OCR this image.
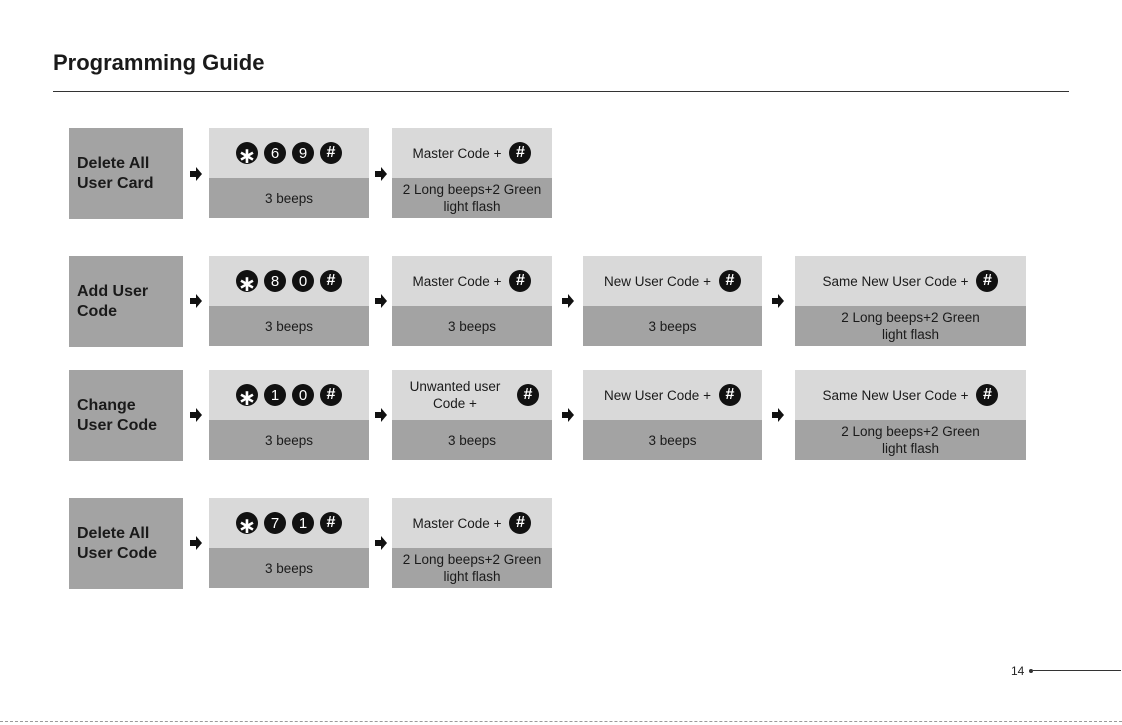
Programming Guide
Delete All
User Card
∗ 6	9	#
3 beeps
Master Code + #
2 Long beeps+2 Green light flash
Add User
Code
∗ 8	0	#
3 beeps
Master Code + #
3 beeps
New User Code + #
3 beeps
Same New User Code + #
2 Long beeps+2 Green light flash
Change
User Code
∗ 1	0	#
3 beeps
Unwanted user Code +
#
3 beeps
New User Code + #
3 beeps
Same New User Code + #
2 Long beeps+2 Green light flash
Delete All
User Code
∗ 7	1	#
3 beeps
Master Code + #
2 Long beeps+2 Green light flash
14
